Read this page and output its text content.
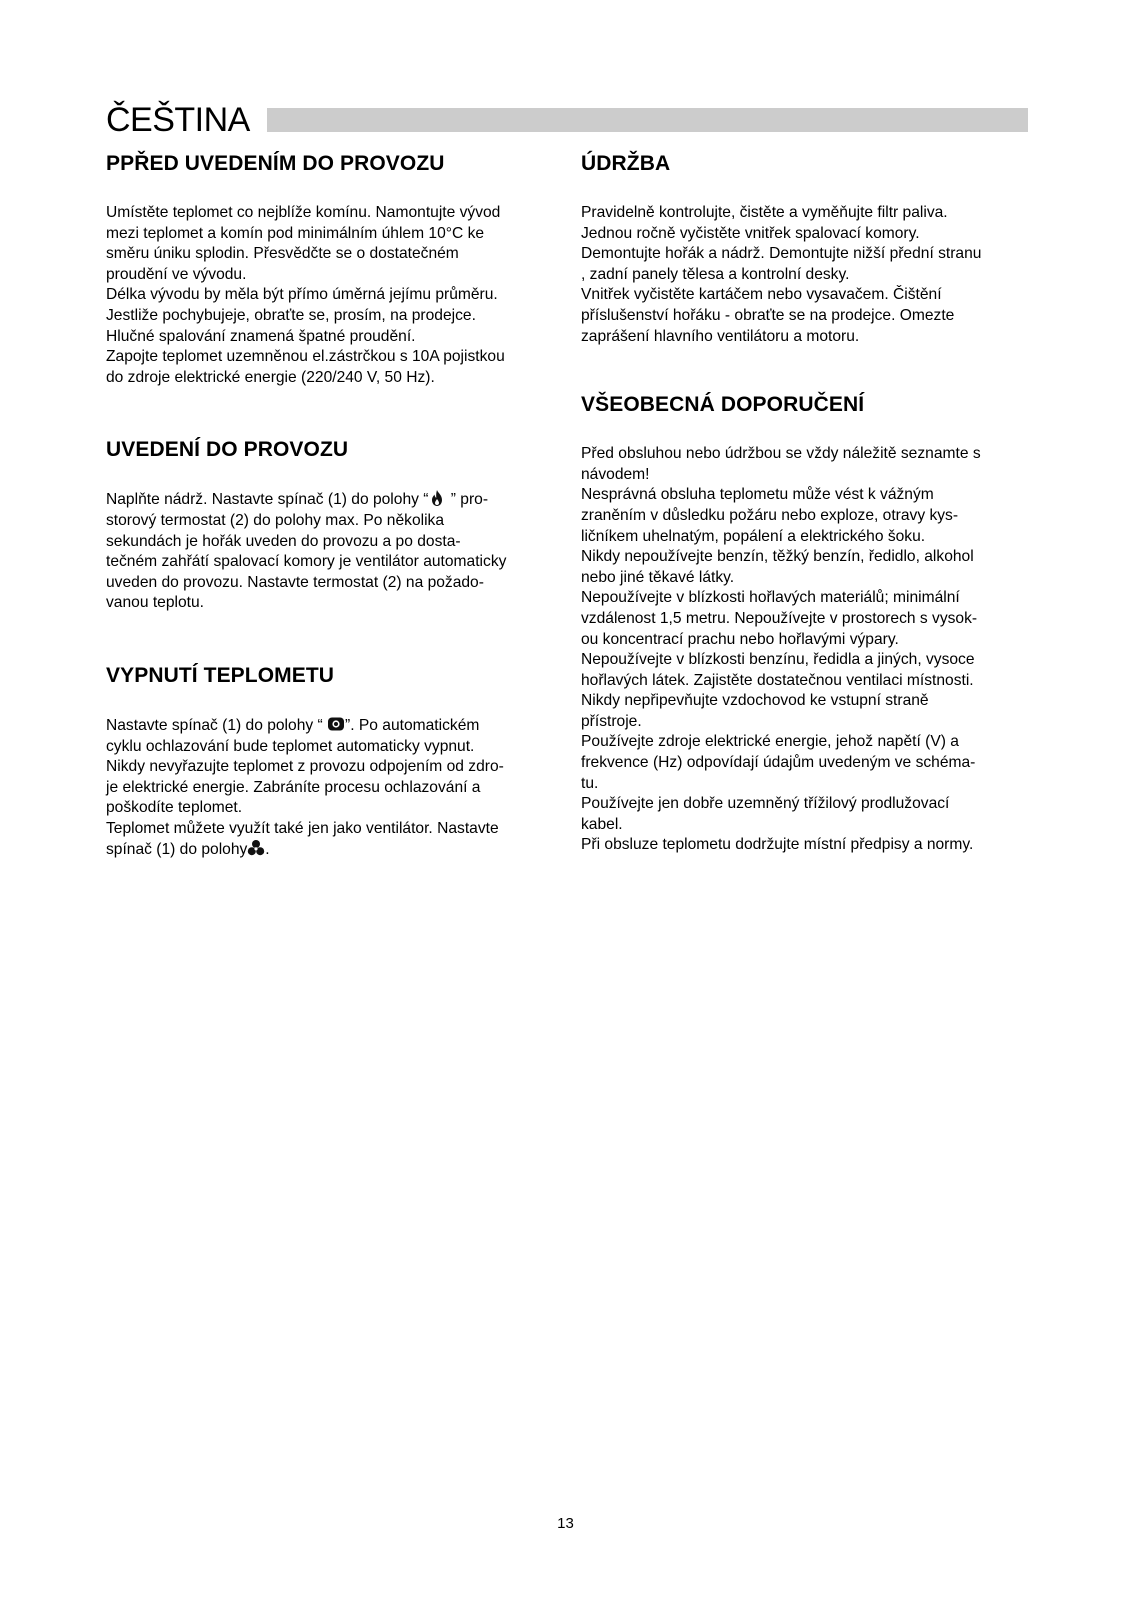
ČEŠTINA
PPŘED UVEDENÍM DO PROVOZU
Umístěte teplomet co nejblíže komínu. Namontujte vývod
mezi teplomet a komín pod minimálním úhlem 10°C ke
směru úniku splodin. Přesvědčte se o dostatečném
proudění ve vývodu.
Délka vývodu by měla být přímo úměrná jejímu průměru.
Jestliže pochybujeje, obraťte se, prosím, na prodejce.
Hlučné spalování znamená špatné proudění.
Zapojte teplomet uzemněnou el.zástrčkou s 10A pojistkou
do zdroje elektrické energie (220/240 V, 50 Hz).
UVEDENÍ DO PROVOZU
Naplňte nádrž. Nastavte spínač (1) do polohy “
” pro-
storový termostat (2) do polohy max. Po několika
sekundách je hořák uveden do provozu a po dosta-
tečném zahřátí spalovací komory je ventilátor automaticky
uveden do provozu. Nastavte termostat (2) na požado-
vanou teplotu.
VYPNUTÍ TEPLOMETU
Nastavte spínač (1) do polohy “
”. Po automatickém
cyklu ochlazování bude teplomet automaticky vypnut.
Nikdy nevyřazujte teplomet z provozu odpojením od zdro-
je elektrické energie. Zabráníte procesu ochlazování a
poškodíte teplomet.
Teplomet můžete využít také jen jako ventilátor. Nastavte
spínač (1) do polohy .
ÚDRŽBA
Pravidelně kontrolujte, čistěte a vyměňujte filtr paliva.
Jednou ročně vyčistěte vnitřek spalovací komory.
Demontujte hořák a nádrž. Demontujte nižší přední stranu
, zadní panely tělesa a kontrolní desky.
Vnitřek vyčistěte kartáčem nebo vysavačem. Čištění
příslušenství hořáku - obraťte se na prodejce. Omezte
zaprášení hlavního ventilátoru a motoru.
VŠEOBECNÁ DOPORUČENÍ
Před obsluhou nebo údržbou se vždy náležitě seznamte s
návodem!
Nesprávná obsluha teplometu může vést k vážným
zraněním v důsledku požáru nebo exploze, otravy kys-
ličníkem uhelnatým, popálení a elektrického šoku.
Nikdy nepoužívejte benzín, těžký benzín, ředidlo, alkohol
nebo jiné těkavé látky.
Nepoužívejte v blízkosti hořlavých materiálů; minimální
vzdálenost 1,5 metru. Nepoužívejte v prostorech s vysok-
ou koncentrací prachu nebo hořlavými výpary.
Nepoužívejte v blízkosti benzínu, ředidla a jiných, vysoce
hořlavých látek. Zajistěte dostatečnou ventilaci místnosti.
Nikdy nepřipevňujte vzdochovod ke vstupní straně
přístroje.
Používejte zdroje elektrické energie, jehož napětí (V) a
frekvence (Hz) odpovídají údajům uvedeným ve schéma-
tu.
Používejte jen dobře uzemněný třížilový prodlužovací
kabel.
Při obsluze teplometu dodržujte místní předpisy a normy.
13
